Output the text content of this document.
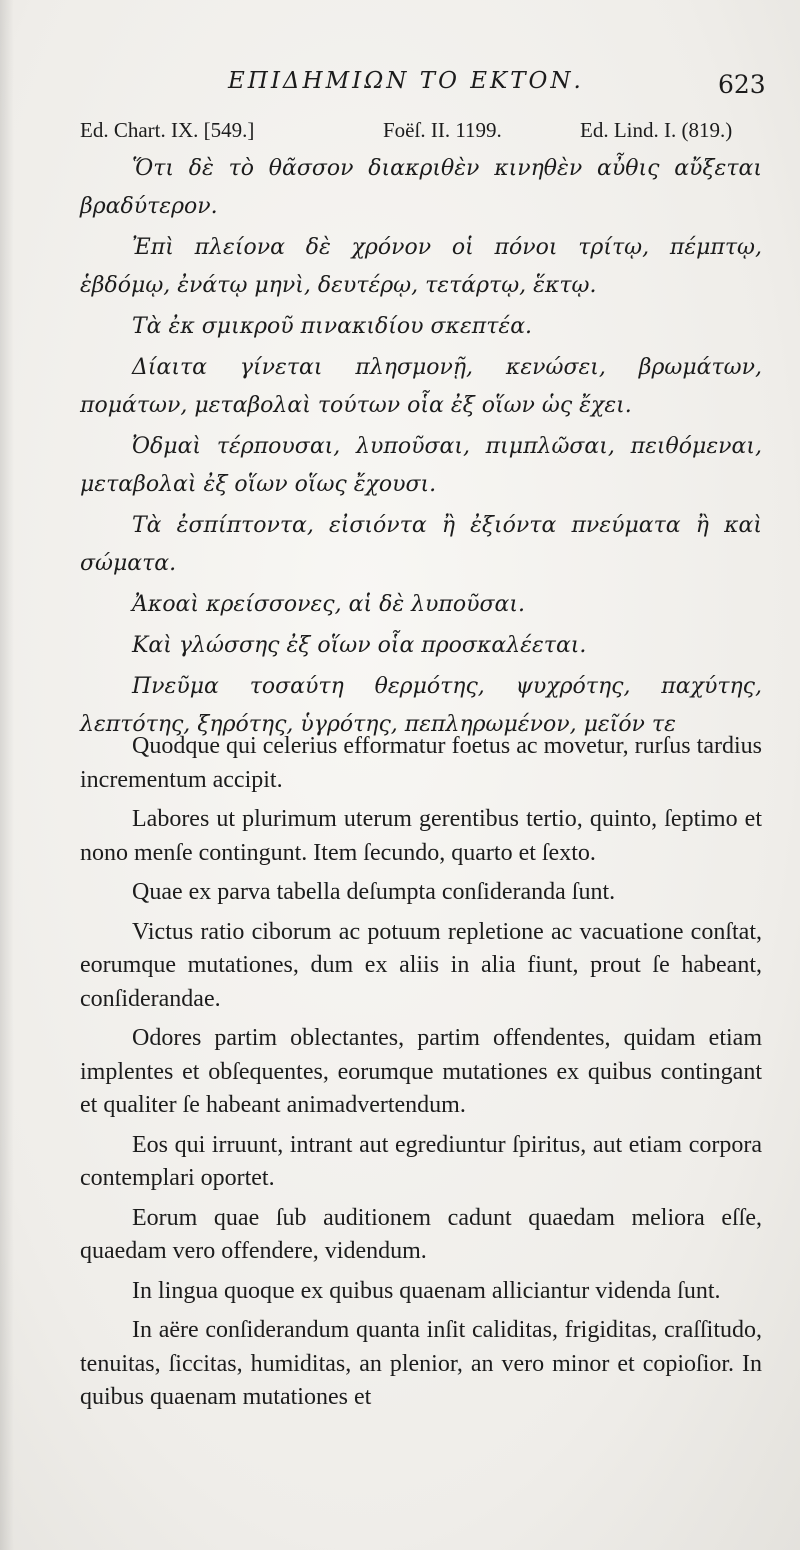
ΕΠΙΔΗΜΙΩΝ ΤΟ ΕΚΤΟΝ.	623
Ed. Chart. IX. [549.]	Foëſ. II. 1199.	Ed. Lind. I. (819.)

Ὅτι δὲ τὸ θᾶσσον διακριθὲν κινηθὲν αὖθις αὔξεται βραδύτερον.

Ἐπὶ πλείονα δὲ χρόνον οἱ πόνοι τρίτῳ, πέμπτῳ, ἑβδόμῳ, ἐνάτῳ μηνὶ, δευτέρῳ, τετάρτῳ, ἕκτῳ.

Τὰ ἐκ σμικροῦ πινακιδίου σκεπτέα.

Δίαιτα γίνεται πλησμονῇ, κενώσει, βρωμάτων, πομάτων, μεταβολαὶ τούτων οἷα ἐξ οἵων ὡς ἔχει.

Ὀδμαὶ τέρπουσαι, λυποῦσαι, πιμπλῶσαι, πειθόμεναι, μεταβολαὶ ἐξ οἵων οἵως ἔχουσι.

Τὰ ἐσπίπτοντα, εἰσιόντα ἢ ἐξιόντα πνεύματα ἢ καὶ σώματα.

Ἀκοαὶ κρείσσονες, αἱ δὲ λυποῦσαι.

Καὶ γλώσσης ἐξ οἵων οἷα προσκαλέεται.

Πνεῦμα τοσαύτη θερμότης, ψυχρότης, παχύτης, λεπτότης, ξηρότης, ὑγρότης, πεπληρωμένον, μεῖόν τε

Quodque qui celerius efformatur foetus ac movetur, rurſus tardius incrementum accipit.

Labores ut plurimum uterum gerentibus tertio, quinto, ſeptimo et nono menſe contingunt. Item ſecundo, quarto et ſexto.

Quae ex parva tabella deſumpta conſideranda ſunt.

Victus ratio ciborum ac potuum repletione ac vacuatione conſtat, eorumque mutationes, dum ex aliis in alia fiunt, prout ſe habeant, conſiderandae.

Odores partim oblectantes, partim offendentes, quidam etiam implentes et obſequentes, eorumque mutationes ex quibus contingant et qualiter ſe habeant animadvertendum.

Eos qui irruunt, intrant aut egrediuntur ſpiritus, aut etiam corpora contemplari oportet.

Eorum quae ſub auditionem cadunt quaedam meliora eſſe, quaedam vero offendere, videndum.

In lingua quoque ex quibus quaenam alliciantur videnda ſunt.

In aëre conſiderandum quanta inſit caliditas, frigiditas, craſſitudo, tenuitas, ſiccitas, humiditas, an plenior, an vero minor et copioſior. In quibus quaenam mutationes et
